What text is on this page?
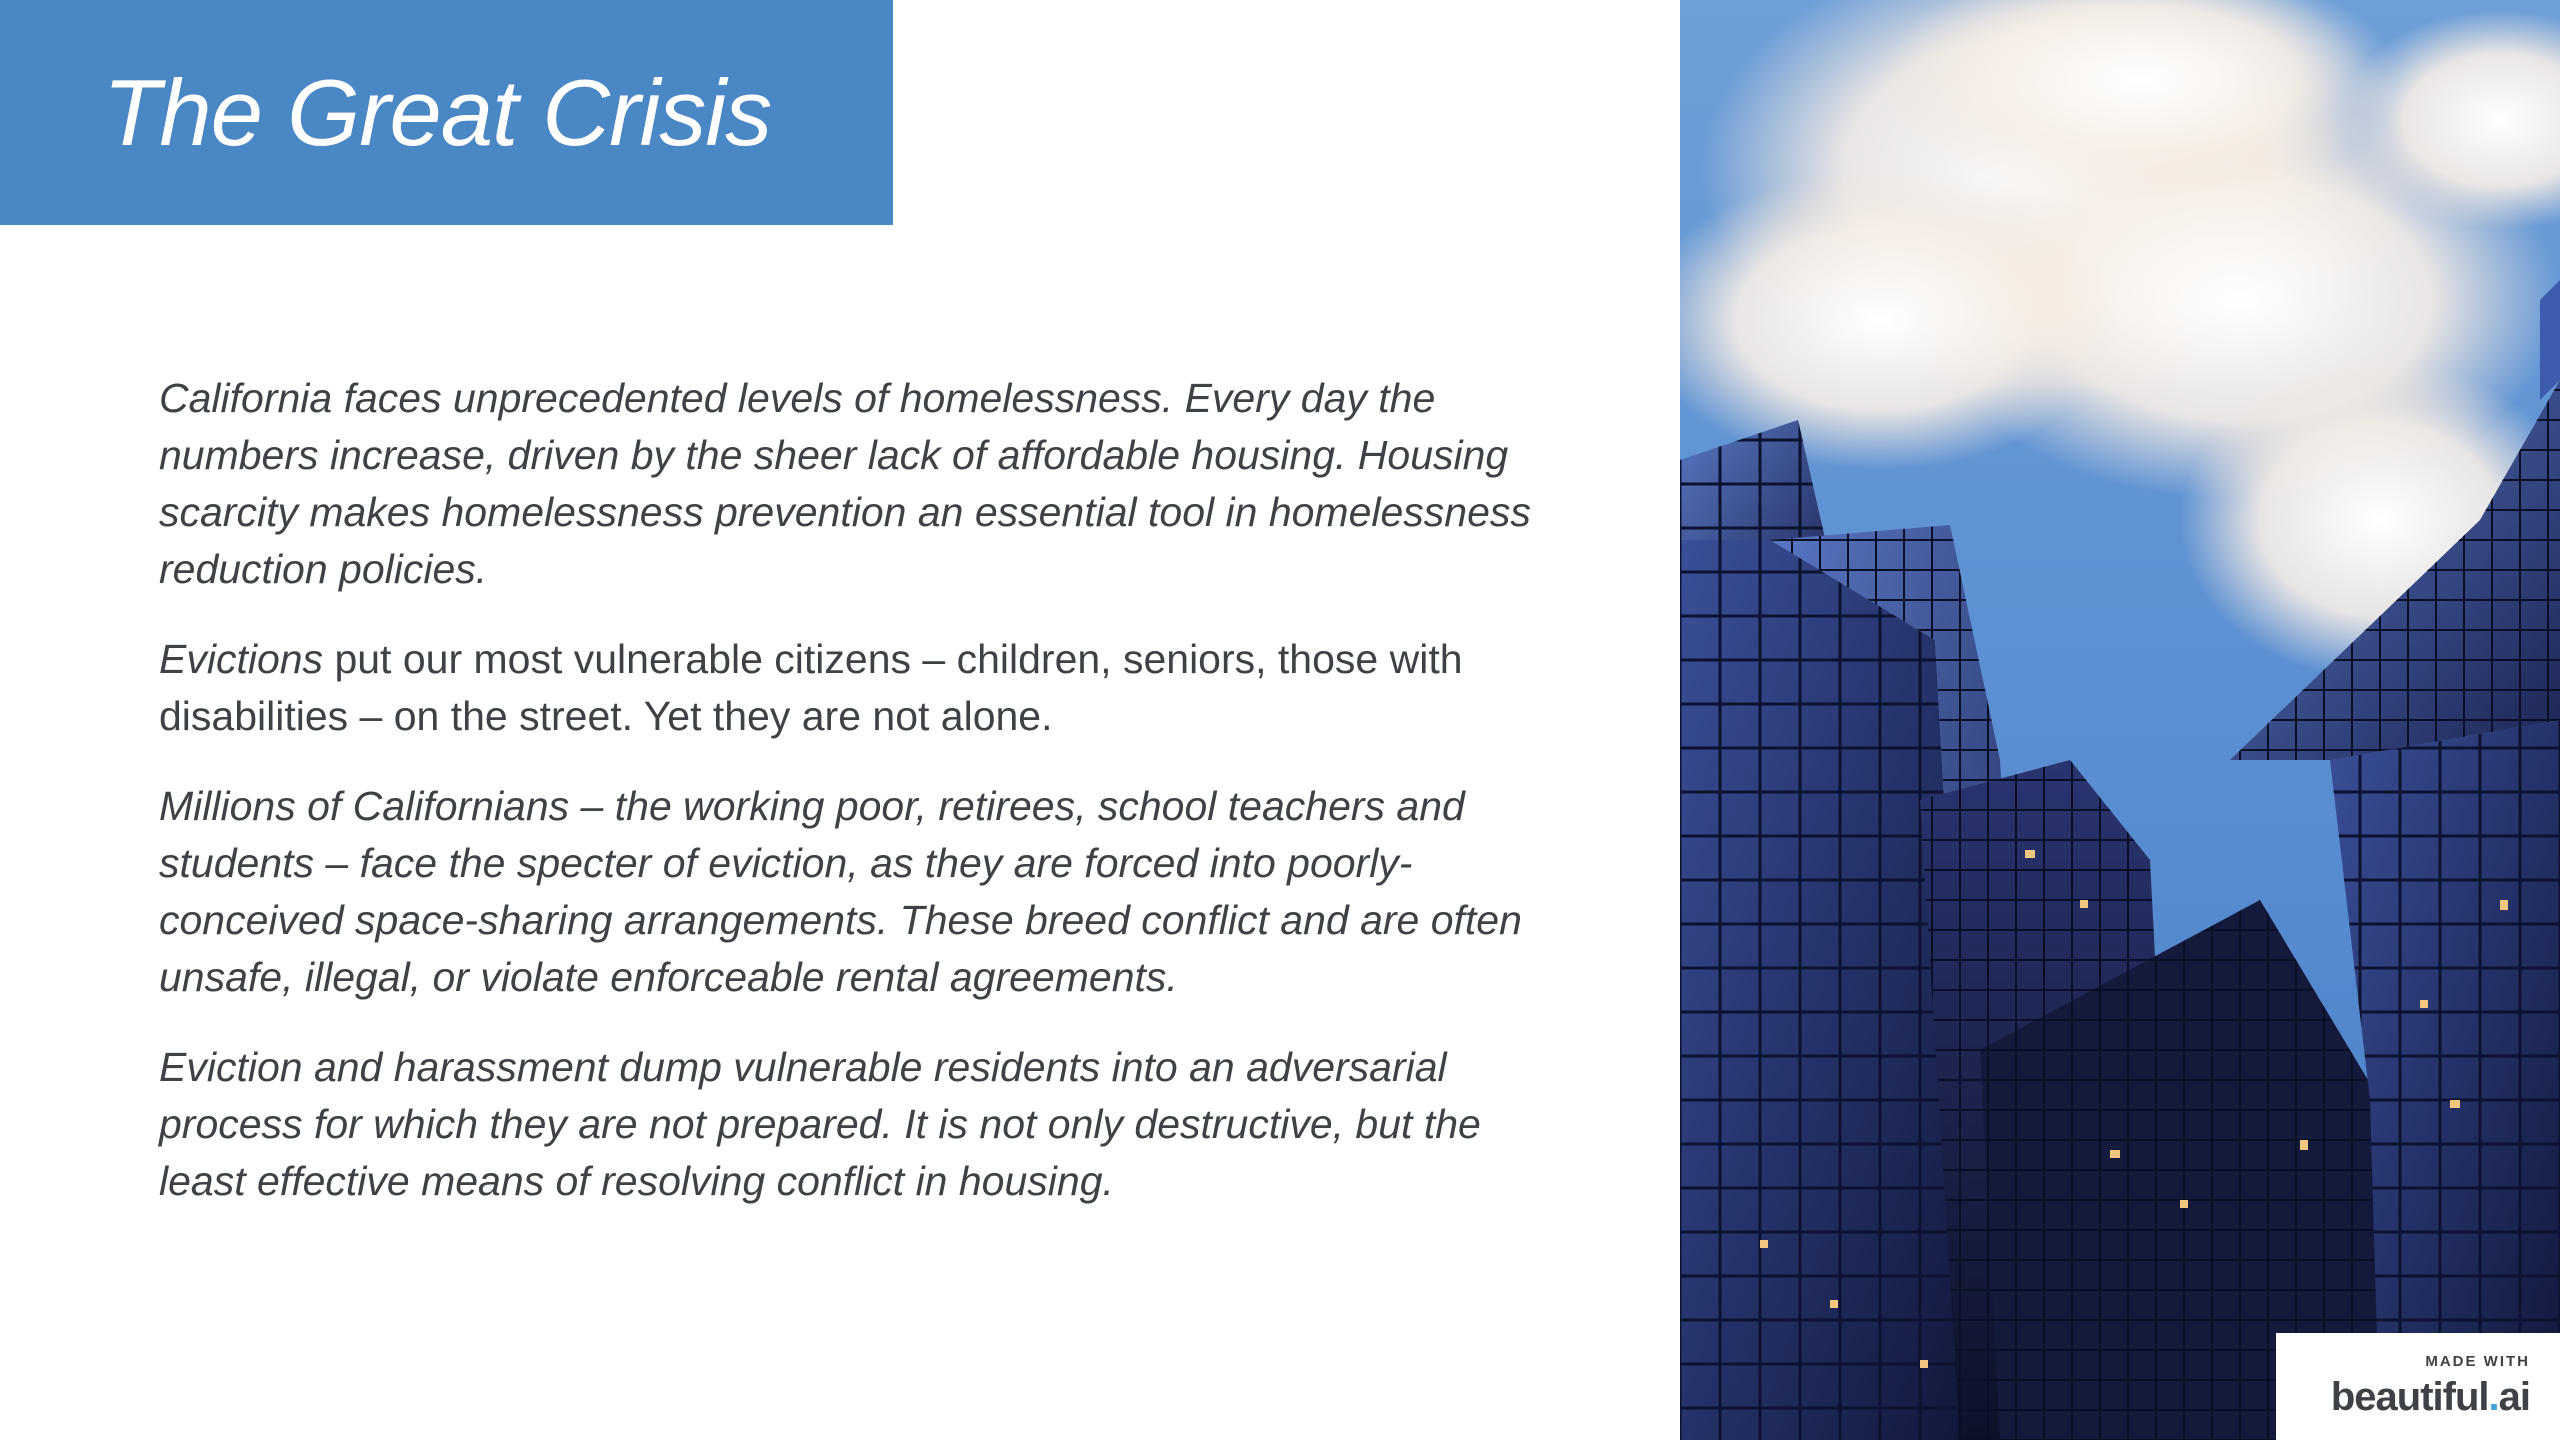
The Great Crisis

California faces unprecedented levels of homelessness. Every day the numbers increase, driven by the sheer lack of affordable housing. Housing scarcity makes homelessness prevention an essential tool in homelessness reduction policies.

Evictions put our most vulnerable citizens – children, seniors, those with disabilities – on the street. Yet they are not alone.

Millions of Californians – the working poor, retirees, school teachers and students – face the specter of eviction, as they are forced into poorly-conceived space-sharing arrangements. These breed conflict and are often unsafe, illegal, or violate enforceable rental agreements.

Eviction and harassment dump vulnerable residents into an adversarial process for which they are not prepared. It is not only destructive, but the least effective means of resolving conflict in housing.

MADE WITH
beautiful.ai
